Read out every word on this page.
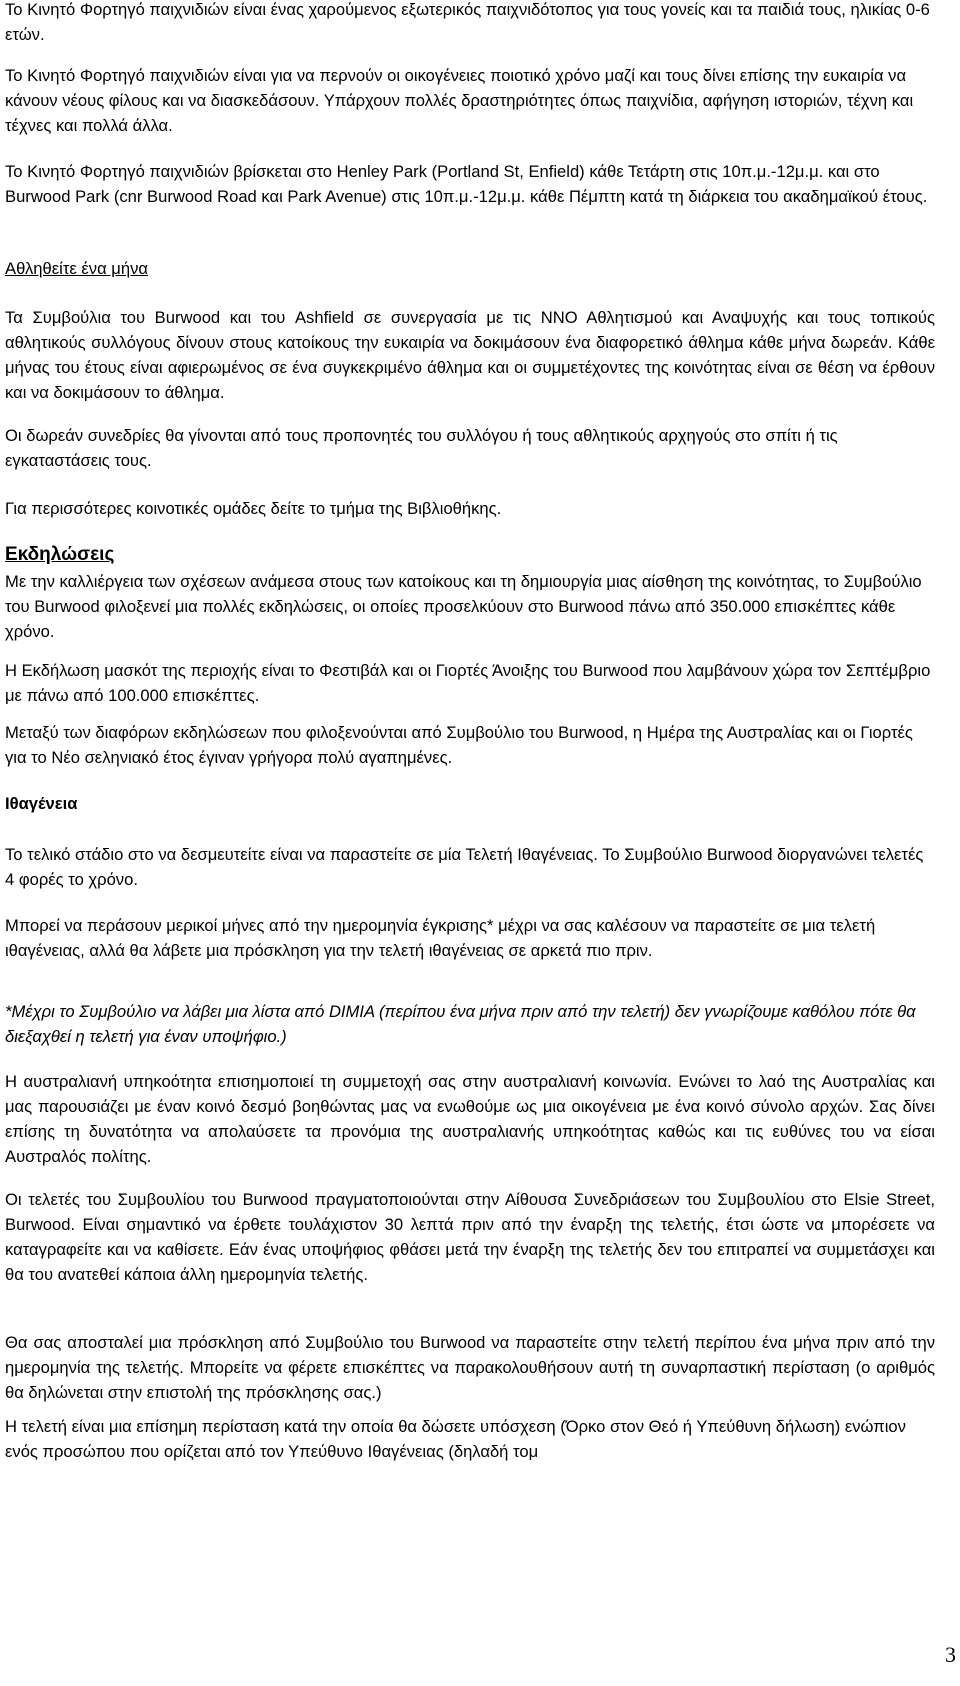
Το Κινητό Φορτηγό παιχνιδιών είναι ένας χαρούμενος εξωτερικός παιχνιδότοπος για τους γονείς και τα παιδιά τους, ηλικίας 0-6 ετών.

Το Κινητό Φορτηγό παιχνιδιών είναι για να περνούν οι οικογένειες ποιοτικό χρόνο μαζί και τους δίνει επίσης την ευκαιρία να κάνουν νέους φίλους και να διασκεδάσουν. Υπάρχουν πολλές δραστηριότητες όπως παιχνίδια, αφήγηση ιστοριών, τέχνη και τέχνες και πολλά άλλα.

Το Κινητό Φορτηγό παιχνιδιών βρίσκεται στο Henley Park (Portland St, Enfield) κάθε Τετάρτη στις 10π.μ.-12μ.μ. και στο Burwood Park (cnr Burwood Road και Park Avenue) στις 10π.μ.-12μ.μ. κάθε Πέμπτη κατά τη διάρκεια του ακαδημαϊκού έτους.

Αθληθείτε ένα μήνα

Τα Συμβούλια του Burwood και του Ashfield σε συνεργασία με τις ΝΝΟ Αθλητισμού και Αναψυχής και τους τοπικούς αθλητικούς συλλόγους δίνουν στους κατοίκους την ευκαιρία να δοκιμάσουν ένα διαφορετικό άθλημα κάθε μήνα δωρεάν. Κάθε μήνας του έτους είναι αφιερωμένος σε ένα συγκεκριμένο άθλημα και οι συμμετέχοντες της κοινότητας είναι σε θέση να έρθουν και να δοκιμάσουν το άθλημα.

Οι δωρεάν συνεδρίες θα γίνονται από τους προπονητές του συλλόγου ή τους αθλητικούς αρχηγούς στο σπίτι ή τις εγκαταστάσεις τους.

Για περισσότερες κοινοτικές ομάδες δείτε το τμήμα της Βιβλιοθήκης.

Εκδηλώσεις

Με την καλλιέργεια των σχέσεων ανάμεσα στους των κατοίκους και τη δημιουργία μιας αίσθηση της κοινότητας, το Συμβούλιο του Burwood φιλοξενεί μια πολλές εκδηλώσεις, οι οποίες προσελκύουν στο Burwood πάνω από 350.000 επισκέπτες κάθε χρόνο.

Η Εκδήλωση μασκότ της περιοχής είναι το Φεστιβάλ και οι Γιορτές Άνοιξης του Burwood που λαμβάνουν χώρα τον Σεπτέμβριο με πάνω από 100.000 επισκέπτες.

Μεταξύ των διαφόρων εκδηλώσεων που φιλοξενούνται από Συμβούλιο του Burwood, η Ημέρα της Αυστραλίας και οι Γιορτές για το Νέο σεληνιακό έτος έγιναν γρήγορα πολύ αγαπημένες.

Ιθαγένεια

Το τελικό στάδιο στο να δεσμευτείτε είναι να παραστείτε σε μία Τελετή Ιθαγένειας. Το Συμβούλιο Burwood διοργανώνει τελετές 4 φορές το χρόνο.

Μπορεί να περάσουν μερικοί μήνες από την ημερομηνία έγκρισης* μέχρι να σας καλέσουν να παραστείτε σε μια τελετή ιθαγένειας, αλλά θα λάβετε μια πρόσκληση για την τελετή ιθαγένειας σε αρκετά πιο πριν.

*Μέχρι το Συμβούλιο να λάβει μια λίστα από DIMIA (περίπου ένα μήνα πριν από την τελετή) δεν γνωρίζουμε καθόλου πότε θα διεξαχθεί η τελετή για έναν υποψήφιο.)

Η αυστραλιανή υπηκοότητα επισημοποιεί τη συμμετοχή σας στην αυστραλιανή κοινωνία. Ενώνει το λαό της Αυστραλίας και μας παρουσιάζει με έναν κοινό δεσμό βοηθώντας μας να ενωθούμε ως μια οικογένεια με ένα κοινό σύνολο αρχών. Σας δίνει επίσης τη δυνατότητα να απολαύσετε τα προνόμια της αυστραλιανής υπηκοότητας καθώς και τις ευθύνες του να είσαι Αυστραλός πολίτης.

Οι τελετές του Συμβουλίου του Burwood πραγματοποιούνται στην Αίθουσα Συνεδριάσεων του Συμβουλίου στο Elsie Street, Burwood. Είναι σημαντικό να έρθετε τουλάχιστον 30 λεπτά πριν από την έναρξη της τελετής, έτσι ώστε να μπορέσετε να καταγραφείτε και να καθίσετε. Εάν ένας υποψήφιος φθάσει μετά την έναρξη της τελετής δεν του επιτραπεί να συμμετάσχει και θα του ανατεθεί κάποια άλλη ημερομηνία τελετής.

Θα σας αποσταλεί μια πρόσκληση από Συμβούλιο του Burwood να παραστείτε στην τελετή περίπου ένα μήνα πριν από την ημερομηνία της τελετής. Μπορείτε να φέρετε επισκέπτες να παρακολουθήσουν αυτή τη συναρπαστική περίσταση (ο αριθμός θα δηλώνεται στην επιστολή της πρόσκλησης σας.)

Η τελετή είναι μια επίσημη περίσταση κατά την οποία θα δώσετε υπόσχεση (Όρκο στον Θεό ή Υπεύθυνη δήλωση) ενώπιον ενός προσώπου που ορίζεται από τον Υπεύθυνο Ιθαγένειας (δηλαδή τομ

3
